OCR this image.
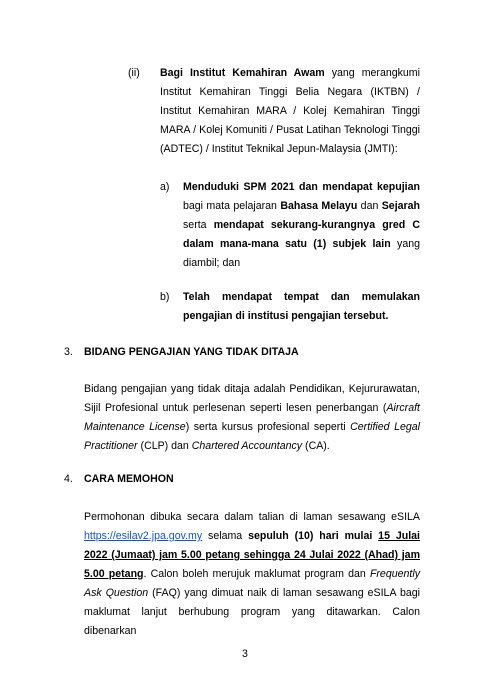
(ii) Bagi Institut Kemahiran Awam yang merangkumi Institut Kemahiran Tinggi Belia Negara (IKTBN) / Institut Kemahiran MARA / Kolej Kemahiran Tinggi MARA / Kolej Komuniti / Pusat Latihan Teknologi Tinggi (ADTEC) / Institut Teknikal Jepun-Malaysia (JMTI):
a) Menduduki SPM 2021 dan mendapat kepujian bagi mata pelajaran Bahasa Melayu dan Sejarah serta mendapat sekurang-kurangnya gred C dalam mana-mana satu (1) subjek lain yang diambil; dan
b) Telah mendapat tempat dan memulakan pengajian di institusi pengajian tersebut.
3. BIDANG PENGAJIAN YANG TIDAK DITAJA
Bidang pengajian yang tidak ditaja adalah Pendidikan, Kejururawatan, Sijil Profesional untuk perlesenan seperti lesen penerbangan (Aircraft Maintenance License) serta kursus profesional seperti Certified Legal Practitioner (CLP) dan Chartered Accountancy (CA).
4. CARA MEMOHON
Permohonan dibuka secara dalam talian di laman sesawang eSILA https://esilav2.jpa.gov.my selama sepuluh (10) hari mulai 15 Julai 2022 (Jumaat) jam 5.00 petang sehingga 24 Julai 2022 (Ahad) jam 5.00 petang. Calon boleh merujuk maklumat program dan Frequently Ask Question (FAQ) yang dimuat naik di laman sesawang eSILA bagi maklumat lanjut berhubung program yang ditawarkan. Calon dibenarkan
3
